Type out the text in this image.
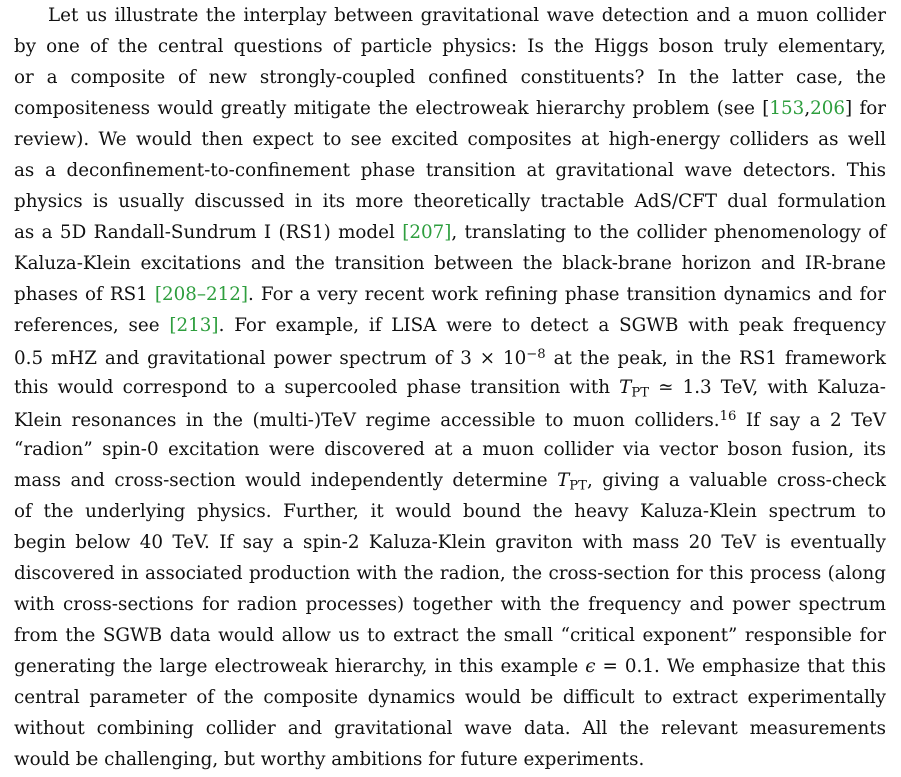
Let us illustrate the interplay between gravitational wave detection and a muon collider
by one of the central questions of particle physics: Is the Higgs boson truly elementary,
or a composite of new strongly-coupled confined constituents? In the latter case, the
compositeness would greatly mitigate the electroweak hierarchy problem (see [153,206] for
review). We would then expect to see excited composites at high-energy colliders as well
as a deconfinement-to-confinement phase transition at gravitational wave detectors. This
physics is usually discussed in its more theoretically tractable AdS/CFT dual formulation
as a 5D Randall-Sundrum I (RS1) model [207], translating to the collider phenomenology of
Kaluza-Klein excitations and the transition between the black-brane horizon and IR-brane
phases of RS1 [208–212]. For a very recent work refining phase transition dynamics and for
references, see [213]. For example, if LISA were to detect a SGWB with peak frequency
0.5 mHZ and gravitational power spectrum of $3 \times 10^{-8}$ at the peak, in the RS1 framework
this would correspond to a supercooled phase transition with $T_{PT}$ ≃ 1.3 TeV, with Kaluza-
Klein resonances in the (multi-)TeV regime accessible to muon colliders.$^{16}$ If say a 2 TeV
“radion” spin-0 excitation were discovered at a muon collider via vector boson fusion, its
mass and cross-section would independently determine $T_{PT}$, giving a valuable cross-check
of the underlying physics. Further, it would bound the heavy Kaluza-Klein spectrum to
begin below 40 TeV. If say a spin-2 Kaluza-Klein graviton with mass 20 TeV is eventually
discovered in associated production with the radion, the cross-section for this process (along
with cross-sections for radion processes) together with the frequency and power spectrum
from the SGWB data would allow us to extract the small “critical exponent” responsible for
generating the large electroweak hierarchy, in this example ϵ = 0.1. We emphasize that this
central parameter of the composite dynamics would be difficult to extract experimentally
without combining collider and gravitational wave data. All the relevant measurements
would be challenging, but worthy ambitions for future experiments.
